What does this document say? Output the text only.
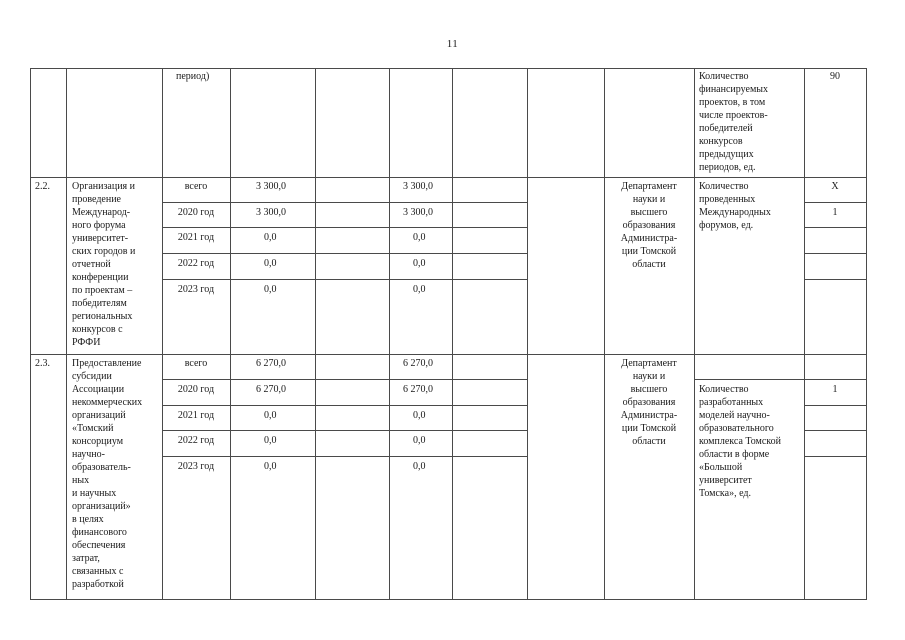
11
период)	Количество
финансируемых
проектов, в том
числе проектов-
победителей
конкурсов
предыдущих
периодов, ед.
90
2.2. Организация и
проведение
Международ-
ного форума
университет-
ских городов и
отчетной
конференции
по проектам –
победителям
региональных
конкурсов с
РФФИ
всего
2020 год
2021 год
2022 год
2023 год
3 300,0
3 300,0
0,0
0,0
0,0
3 300,0
3 300,0
0,0
0,0
0,0
Департамент
науки и
высшего
образования
Администра-
ции Томской
области
Количество
проведенных
Международных
форумов, ед.
Х
1
2.3. Предоставление
субсидии
Ассоциации
некоммерческих
организаций
«Томский
консорциум
научно-
образователь-
ных
и научных
организаций»
в целях
финансового
обеспечения
затрат,
связанных с
разработкой
всего
2020 год
2021 год
2022 год
2023 год
6 270,0
6 270,0
0,0
0,0
0,0
6 270,0
6 270,0
0,0
0,0
0,0
Департамент
науки и
высшего
образования
Администра-
ции Томской
области
Количество
разработанных
моделей научно-
образовательного
комплекса Томской
области в форме
«Большой
университет
Томска», ед.
1
